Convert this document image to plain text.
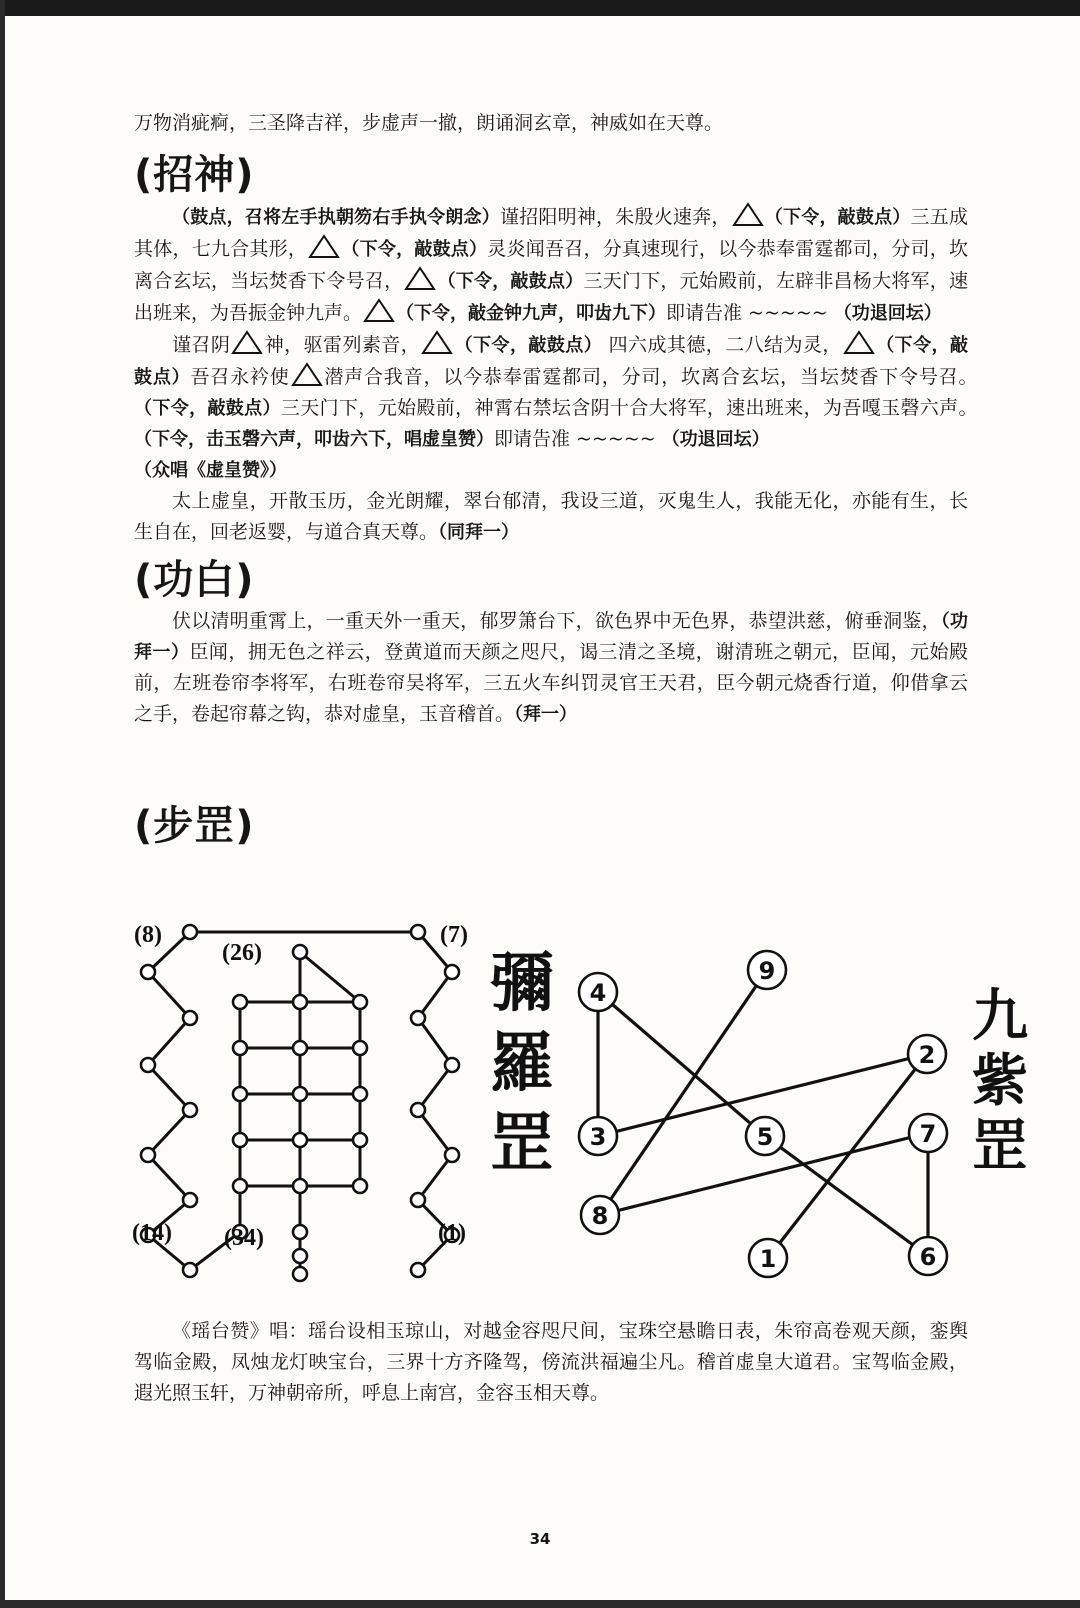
万物消疵痾，三圣降吉祥，步虚声一撤，朗诵洞玄章，神威如在天尊。

(招神)

（鼓点，召将左手执朝笏右手执令朗念）谨招阳明神，朱殷火速奔， （下令，敲鼓点）三五成其体，七九合其形， （下令，敲鼓点）灵炎闻吾召，分真速现行，以今恭奉雷霆都司，分司，坎离合玄坛，当坛焚香下令号召， （下令，敲鼓点）三天门下，元始殿前，左辟非昌杨大将军，速出班来，为吾振金钟九声。 （下令，敲金钟九声，叩齿九下）即请告准 ~~~~~ （功退回坛）

谨召阴 神，驱雷列素音， （下令，敲鼓点） 四六成其德，二八结为灵， （下令，敲鼓点）吾召永衿使 潜声合我音，以今恭奉雷霆都司，分司，坎离合玄坛，当坛焚香下令号召。　（下令，敲鼓点）三天门下，元始殿前，神霄右禁坛含阴十合大将军，速出班来，为吾嘎玉磬六声。　（下令，击玉磬六声，叩齿六下，唱虚皇赞）即请告准 ~~~~~ （功退回坛）

（众唱《虚皇赞》）

太上虚皇，开散玉历，金光朗耀，翠台郁清，我设三道，灭鬼生人，我能无化，亦能有生，长生自在，回老返婴，与道合真天尊。（同拜一）

(功白)

伏以清明重霄上，一重天外一重天，郁罗箫台下，欲色界中无色界，恭望洪慈，俯垂洞鉴，（功拜一）臣闻，拥无色之祥云，登黄道而天颜之咫尺，谒三清之圣境，谢清班之朝元，臣闻，元始殿前，左班卷帘李将军，右班卷帘吴将军，三五火车纠罚灵官王天君，臣今朝元烧香行道，仰借拿云之手，卷起帘幕之钩，恭对虚皇，玉音稽首。（拜一）

(步罡)
(8)	(7)
(26)
(14) (34)	(1)
彌
羅
罡
1
2
3
4
5
6
7
8
9
九
紫
罡

《瑶台赞》唱：瑶台设相玉琼山，对越金容咫尺间，宝珠空悬瞻日表，朱帘高卷观天颜，銮舆驾临金殿，凤烛龙灯映宝台，三界十方齐隆驾，傍流洪福遍尘凡。稽首虚皇大道君。宝驾临金殿，遐光照玉轩，万神朝帝所，呼息上南宫，金容玉相天尊。

34
